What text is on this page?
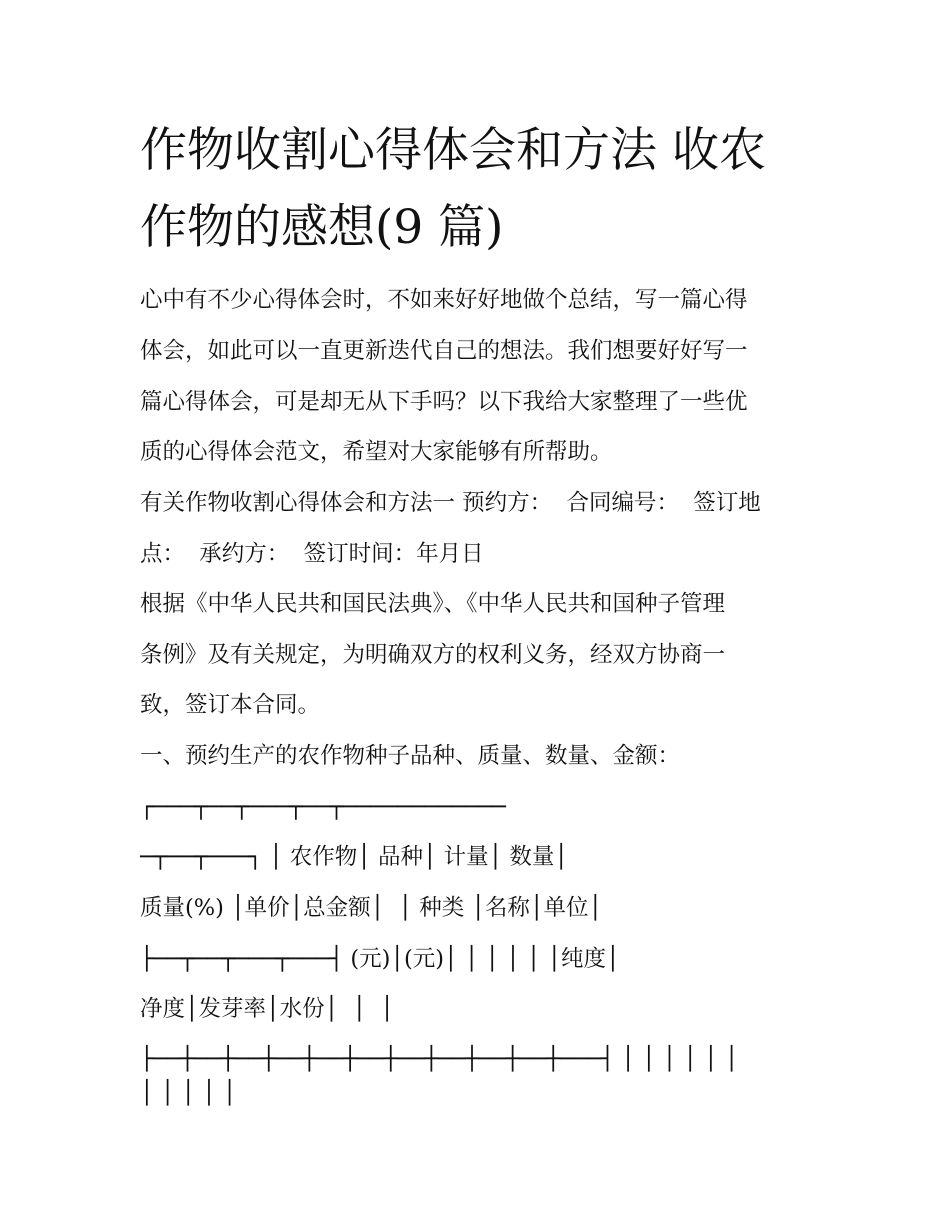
作物收割心得体会和方法 收农
作物的感想(9 篇)
心中有不少心得体会时，不如来好好地做个总结，写一篇心得
体会，如此可以一直更新迭代自己的想法。我们想要好好写一
篇心得体会，可是却无从下手吗？以下我给大家整理了一些优
质的心得体会范文，希望对大家能够有所帮助。
有关作物收割心得体会和方法一 预约方：  合同编号：  签订地
点：  承约方：  签订时间：年月日
根据《中华人民共和国民法典》、《中华人民共和国种子管理
条例》及有关规定，为明确双方的权利义务，经双方协商一
致，签订本合同。
一、预约生产的农作物种子品种、质量、数量、金额：
┌───┬──┬───┬──┬────────────
─┬──┬───┐ │ 农作物│ 品种│ 计量│ 数量│
质量(%) │单价│总金额│  │ 种类 │名称│单位│
├──┬──┬───┬───┤ (元)│(元)│ │ │ │ │ │纯度│
净度│发芽率│水份│  │  │
├──┼──┼──┼──┼──┼──┼──┼──┼──┼──┼───┤ │ │ │ │ │ │
│ │ │ │ │
